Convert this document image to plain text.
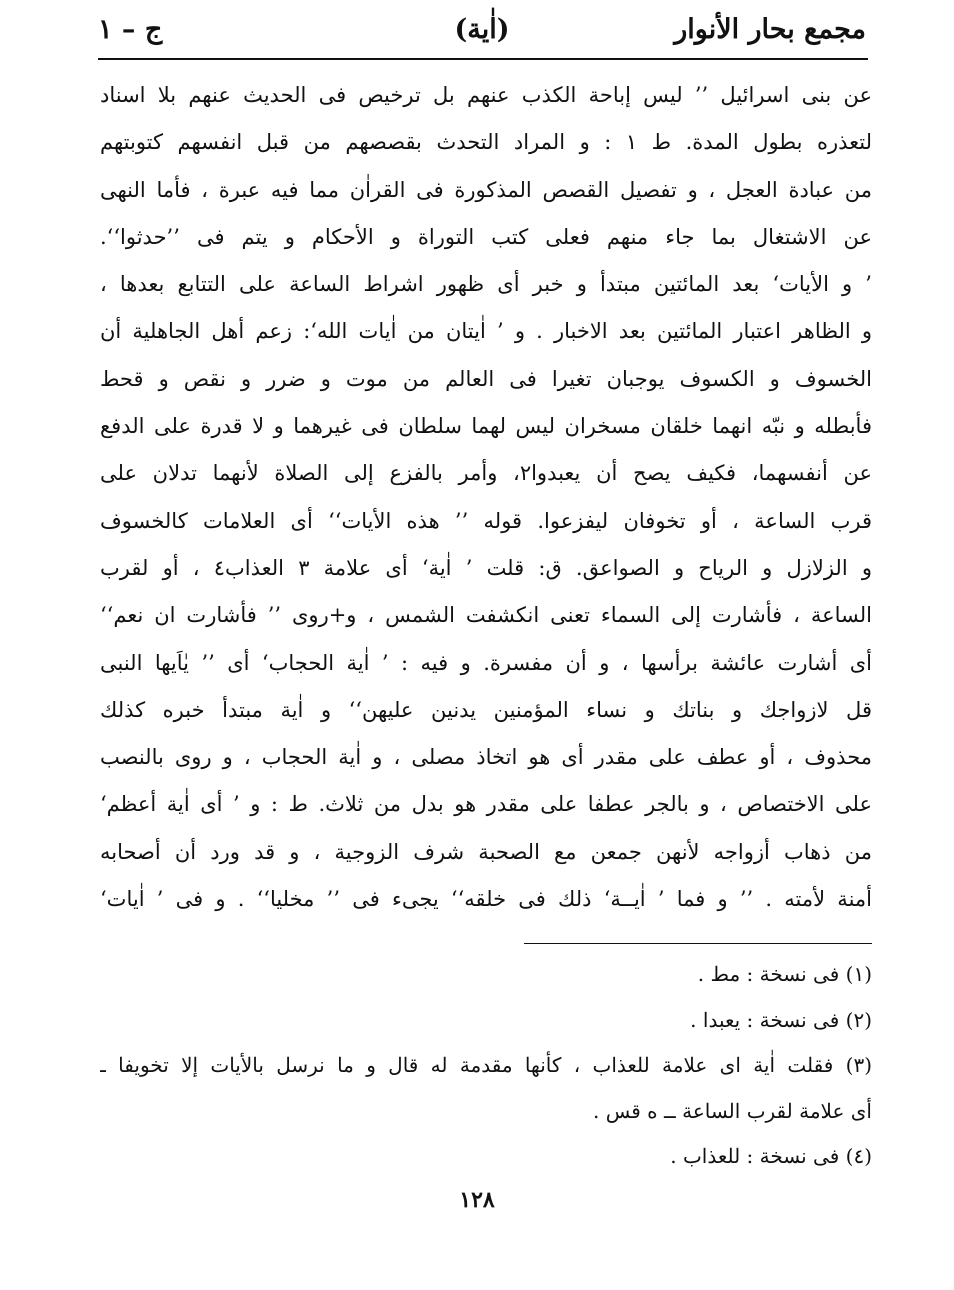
مجمع بحار الأنوار
(اٰية)
ج – ١
عن بنى اسرائيل ’’ ليس إباحة الكذب عنهم بل ترخيص فى الحديث عنهم بلا اسناد
لتعذره بطول المدة. ط ١ : و المراد التحدث بقصصهم من قبل انفسهم كتوبتهم
من عبادة العجل ، و تفصيل القصص المذكورة فى القراٰن مما فيه عبرة ، فأما النهى
عن الاشتغال بما جاء منهم فعلى كتب التوراة و الأحكام و يتم فى ’’حدثوا‘‘.
’ و الأيات‘ بعد المائتين مبتدأ و خبر أى ظهور اشراط الساعة على التتابع بعدها ،
و الظاهر اعتبار المائتين بعد الاخبار . و ’ اٰيتان من اٰيات الله‘: زعم أهل الجاهلية أن
الخسوف و الكسوف يوجبان تغيرا فى العالم من موت و ضرر و نقص و قحط
فأبطله و نبّه انهما خلقان مسخران ليس لهما سلطان فى غيرهما و لا قدرة على الدفع
عن أنفسهما، فكيف يصح أن يعبدوا٢، وأمر بالفزع إلى الصلاة لأنهما تدلان على
قرب الساعة ، أو تخوفان ليفزعوا. قوله ’’ هذه الأيات‘‘ أى العلامات كالخسوف
و الزلازل و الرياح و الصواعق. ق: قلت ’ اٰية‘ أى علامة ٣ العذاب٤ ، أو لقرب
الساعة ، فأشارت إلى السماء تعنى انكشفت الشمس ، و+روى ’’ فأشارت ان نعم‘‘
أى أشارت عائشة برأسها ، و أن مفسرة. و فيه : ’ اٰية الحجاب‘ أى ’’ يٰاَيها النبى
قل لازواجك و بناتك و نساء المؤمنين يدنين عليهن‘‘ و اٰية مبتدأ خبره كذلك
محذوف ، أو عطف على مقدر أى هو اتخاذ مصلى ، و اٰية الحجاب ، و روى بالنصب
على الاختصاص ، و بالجر عطفا على مقدر هو بدل من ثلاث. ط : و ’ أى اٰية أعظم‘
من ذهاب أزواجه لأنهن جمعن مع الصحبة شرف الزوجية ، و قد ورد أن أصحابه
أمنة لأمته . ’’ و فما ’ اٰيــة‘ ذلك فى خلقه‘‘ يجىء فى ’’ مخليا‘‘ . و فى ’ اٰيات‘
(١) فى نسخة : مط .
(٢) فى نسخة : يعبدا .
(٣) فقلت اٰية اى علامة للعذاب ، كأنها مقدمة له قال و ما نرسل بالأيات إلا تخويفا ـ
أى علامة لقرب الساعة ــ ه قس .
(٤) فى نسخة : للعذاب .
١٢٨
